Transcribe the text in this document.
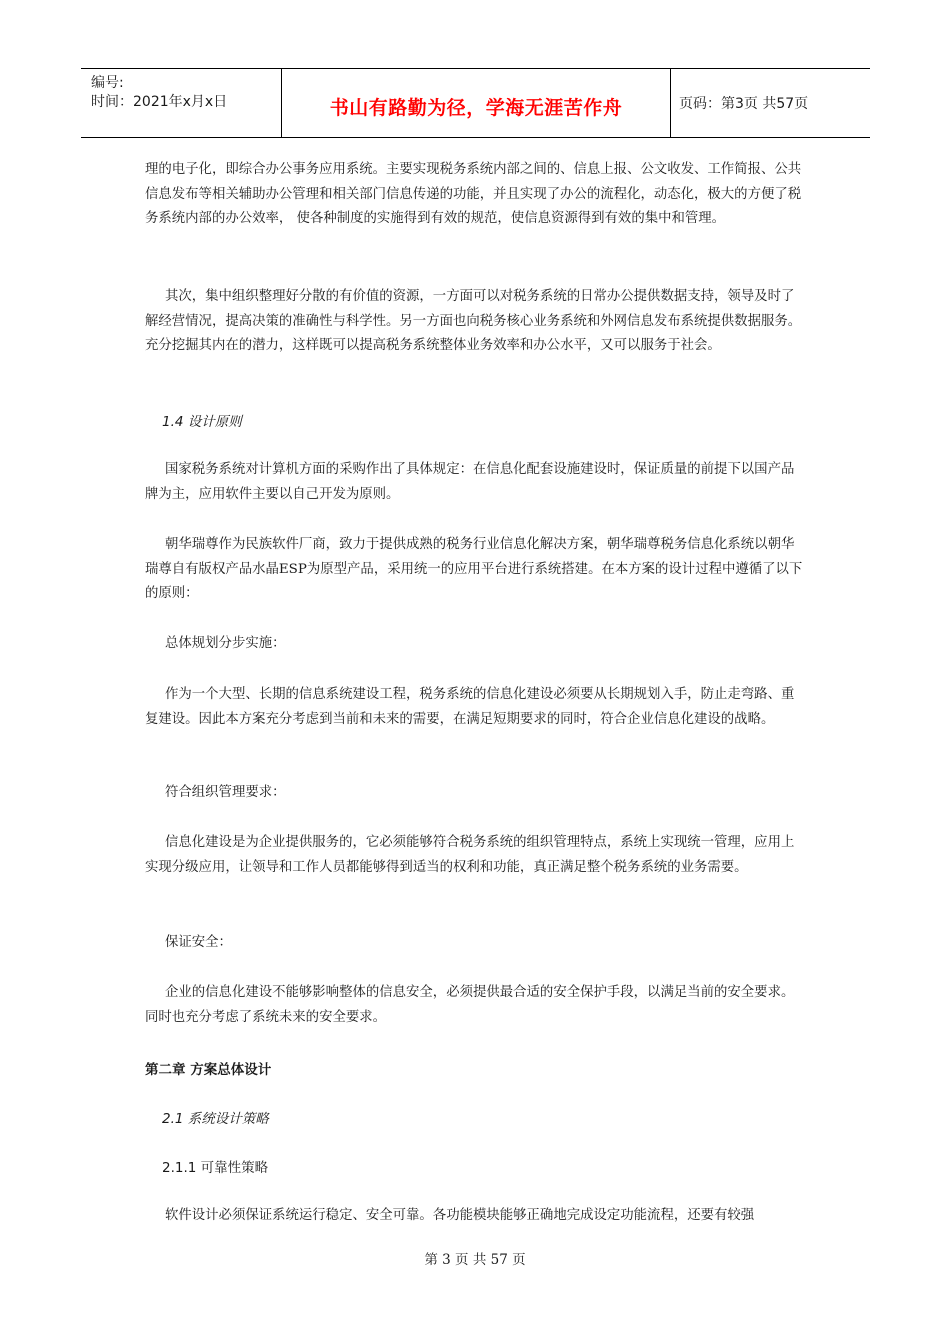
编号:
时间：2021年x月x日	书山有路勤为径，学海无涯苦作舟	页码：第3页 共57页
理的电子化，即综合办公事务应用系统。主要实现税务系统内部之间的、信息上报、公文收发、工作简报、公共信息发布等相关辅助办公管理和相关部门信息传递的功能，并且实现了办公的流程化，动态化，极大的方便了税务系统内部的办公效率， 使各种制度的实施得到有效的规范，使信息资源得到有效的集中和管理。
其次，集中组织整理好分散的有价值的资源，一方面可以对税务系统的日常办公提供数据支持，领导及时了解经营情况，提高决策的准确性与科学性。另一方面也向税务核心业务系统和外网信息发布系统提供数据服务。充分挖掘其内在的潜力，这样既可以提高税务系统整体业务效率和办公水平，又可以服务于社会。
1.4 设计原则
国家税务系统对计算机方面的采购作出了具体规定：在信息化配套设施建设时，保证质量的前提下以国产品牌为主，应用软件主要以自己开发为原则。
朝华瑞尊作为民族软件厂商，致力于提供成熟的税务行业信息化解决方案，朝华瑞尊税务信息化系统以朝华瑞尊自有版权产品水晶ESP为原型产品，采用统一的应用平台进行系统搭建。在本方案的设计过程中遵循了以下的原则：
总体规划分步实施：
作为一个大型、长期的信息系统建设工程，税务系统的信息化建设必须要从长期规划入手，防止走弯路、重复建设。因此本方案充分考虑到当前和未来的需要，在满足短期要求的同时，符合企业信息化建设的战略。
符合组织管理要求：
信息化建设是为企业提供服务的，它必须能够符合税务系统的组织管理特点，系统上实现统一管理，应用上实现分级应用，让领导和工作人员都能够得到适当的权利和功能，真正满足整个税务系统的业务需要。
保证安全：
企业的信息化建设不能够影响整体的信息安全，必须提供最合适的安全保护手段，以满足当前的安全要求。同时也充分考虑了系统未来的安全要求。
第二章 方案总体设计
2.1 系统设计策略
2.1.1 可靠性策略
软件设计必须保证系统运行稳定、安全可靠。各功能模块能够正确地完成设定功能流程，还要有较强
第 3 页 共 57 页
